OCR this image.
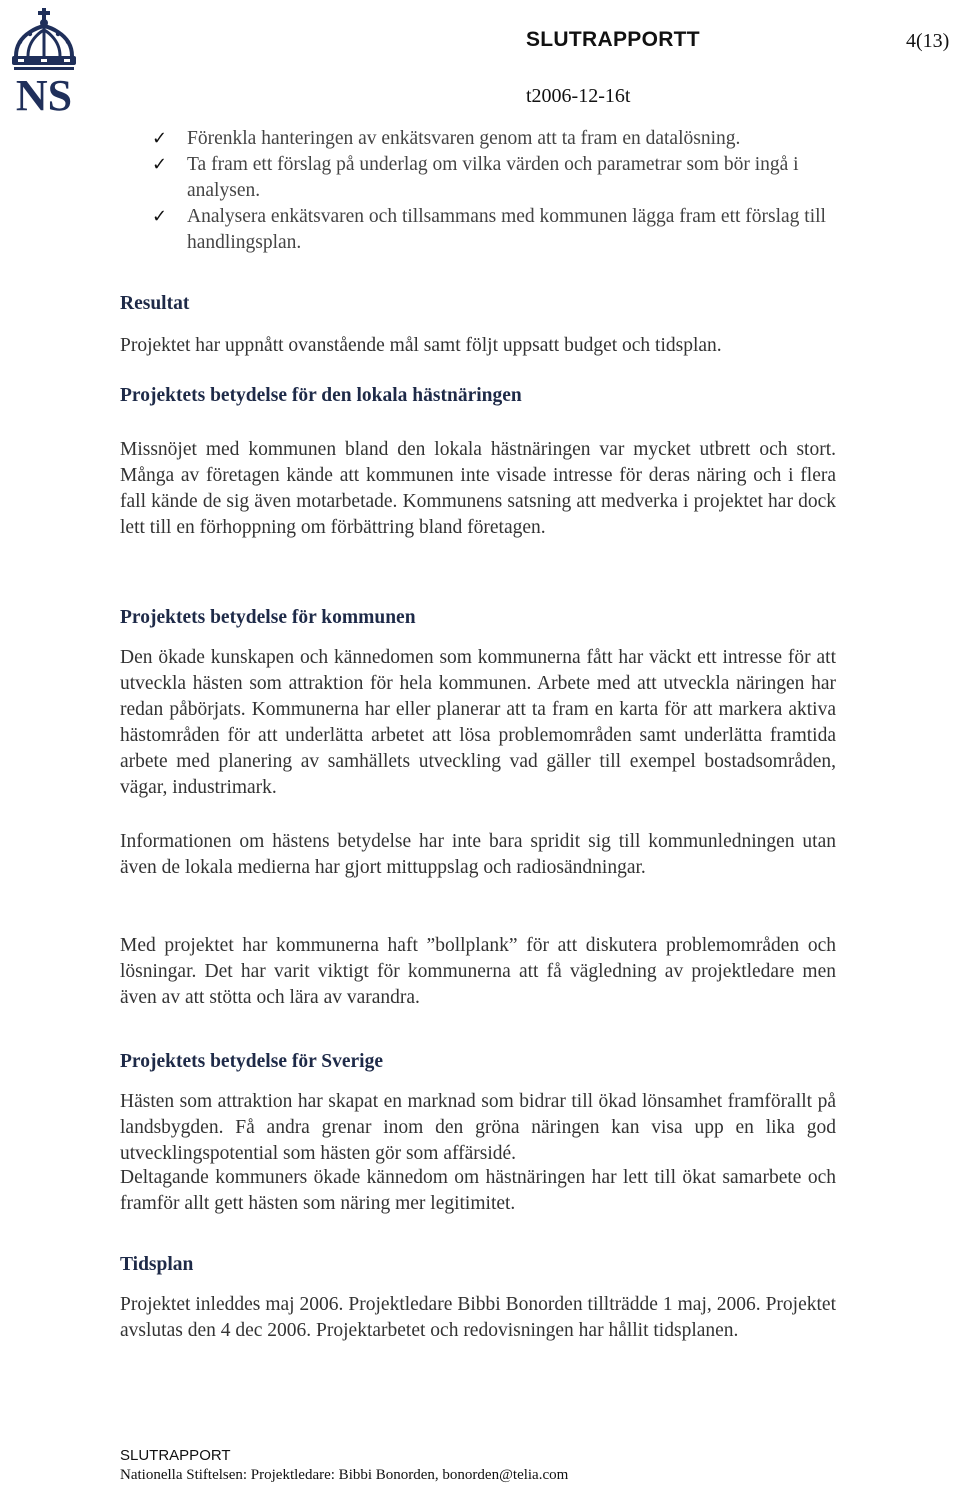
NS
SLUTRAPPORTT	4(13)
t2006-12-16t
✓ Förenkla hanteringen av enkätsvaren genom att ta fram en datalösning.
✓ Ta fram ett förslag på underlag om vilka värden och parametrar som bör ingå i analysen.
✓ Analysera enkätsvaren och tillsammans med kommunen lägga fram ett förslag till handlingsplan.
Resultat
Projektet har uppnått ovanstående mål samt följt uppsatt budget och tidsplan.
Projektets betydelse för den lokala hästnäringen
Missnöjet med kommunen bland den lokala hästnäringen var mycket utbrett och stort. Många av företagen kände att kommunen inte visade intresse för deras näring och i flera fall kände de sig även motarbetade. Kommunens satsning att medverka i projektet har dock lett till en förhoppning om förbättring bland företagen.
Projektets betydelse för kommunen
Den ökade kunskapen och kännedomen som kommunerna fått har väckt ett intresse för att utveckla hästen som attraktion för hela kommunen. Arbete med att utveckla näringen har redan påbörjats. Kommunerna har eller planerar att ta fram en karta för att markera aktiva hästområden för att underlätta arbetet att lösa problemområden samt underlätta framtida arbete med planering av samhällets utveckling vad gäller till exempel bostadsområden, vägar, industrimark.
Informationen om hästens betydelse har inte bara spridit sig till kommunledningen utan även de lokala medierna har gjort mittuppslag och radiosändningar.
Med projektet har kommunerna haft ”bollplank” för att diskutera problemområden och lösningar. Det har varit viktigt för kommunerna att få vägledning av projektledare men även av att stötta och lära av varandra.
Projektets betydelse för Sverige
Hästen som attraktion har skapat en marknad som bidrar till ökad lönsamhet framförallt på landsbygden. Få andra grenar inom den gröna näringen kan visa upp en lika god utvecklingspotential som hästen gör som affärsidé.
Deltagande kommuners ökade kännedom om hästnäringen har lett till ökat samarbete och framför allt gett hästen som näring mer legitimitet.
Tidsplan
Projektet inleddes maj 2006. Projektledare Bibbi Bonorden tillträdde 1 maj, 2006. Projektet avslutas den 4 dec 2006. Projektarbetet och redovisningen har hållit tidsplanen.
SLUTRAPPORT
Nationella Stiftelsen: Projektledare: Bibbi Bonorden, bonorden@telia.com
